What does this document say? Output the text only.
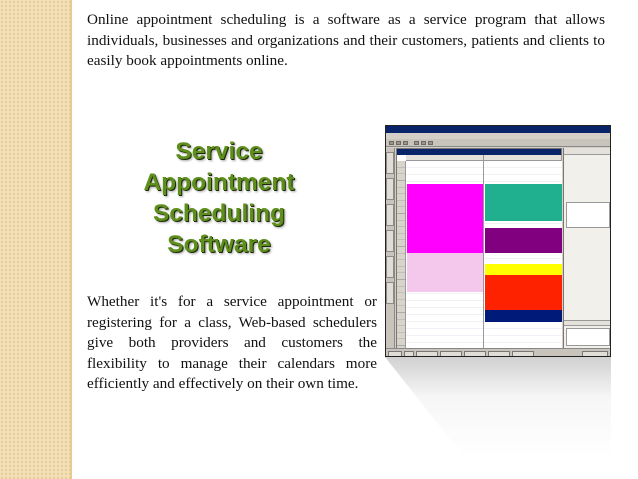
Online appointment scheduling is a software as a service program that allows individuals, businesses and organizations and their customers, patients and clients to easily book appointments online.

Service
Appointment
Scheduling
Software

Whether it's for a service appointment or registering for a class, Web-based schedulers give both providers and customers the flexibility to manage their calendars more efficiently and effectively on their own time.
